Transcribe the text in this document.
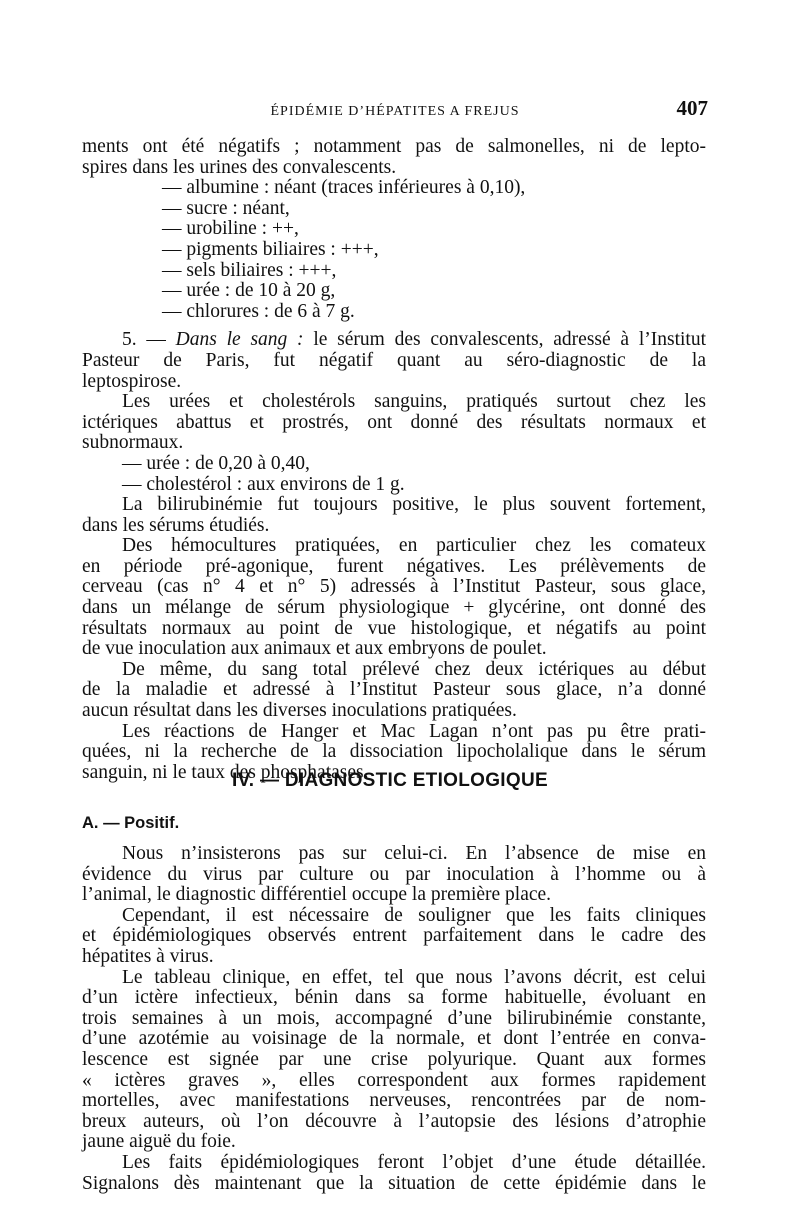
ÉPIDÉMIE D’HÉPATITES A FREJUS	407
ments ont été négatifs ; notamment pas de salmonelles, ni de lepto-
spires dans les urines des convalescents.
— albumine : néant (traces inférieures à 0,10),
— sucre : néant,
— urobiline : ++,
— pigments biliaires : +++,
— sels biliaires : +++,
— urée : de 10 à 20 g,
— chlorures : de 6 à 7 g.
5. — Dans le sang : le sérum des convalescents, adressé à l’Institut
Pasteur de Paris, fut négatif quant au séro-diagnostic de la
leptospirose.
Les urées et cholestérols sanguins, pratiqués surtout chez les
ictériques abattus et prostrés, ont donné des résultats normaux et
subnormaux.
— urée : de 0,20 à 0,40,
— cholestérol : aux environs de 1 g.
La bilirubinémie fut toujours positive, le plus souvent fortement,
dans les sérums étudiés.
Des hémocultures pratiquées, en particulier chez les comateux
en période pré-agonique, furent négatives. Les prélèvements de
cerveau (cas n° 4 et n° 5) adressés à l’Institut Pasteur, sous glace,
dans un mélange de sérum physiologique + glycérine, ont donné des
résultats normaux au point de vue histologique, et négatifs au point
de vue inoculation aux animaux et aux embryons de poulet.
De même, du sang total prélevé chez deux ictériques au début
de la maladie et adressé à l’Institut Pasteur sous glace, n’a donné
aucun résultat dans les diverses inoculations pratiquées.
Les réactions de Hanger et Mac Lagan n’ont pas pu être prati-
quées, ni la recherche de la dissociation lipocholalique dans le sérum
sanguin, ni le taux des phosphatases.
IV. — DIAGNOSTIC ETIOLOGIQUE
A. — Positif.
Nous n’insisterons pas sur celui-ci. En l’absence de mise en
évidence du virus par culture ou par inoculation à l’homme ou à
l’animal, le diagnostic différentiel occupe la première place.
Cependant, il est nécessaire de souligner que les faits cliniques
et épidémiologiques observés entrent parfaitement dans le cadre des
hépatites à virus.
Le tableau clinique, en effet, tel que nous l’avons décrit, est celui
d’un ictère infectieux, bénin dans sa forme habituelle, évoluant en
trois semaines à un mois, accompagné d’une bilirubinémie constante,
d’une azotémie au voisinage de la normale, et dont l’entrée en conva-
lescence est signée par une crise polyurique. Quant aux formes
« ictères graves », elles correspondent aux formes rapidement
mortelles, avec manifestations nerveuses, rencontrées par de nom-
breux auteurs, où l’on découvre à l’autopsie des lésions d’atrophie
jaune aiguë du foie.
Les faits épidémiologiques feront l’objet d’une étude détaillée.
Signalons dès maintenant que la situation de cette épidémie dans le
